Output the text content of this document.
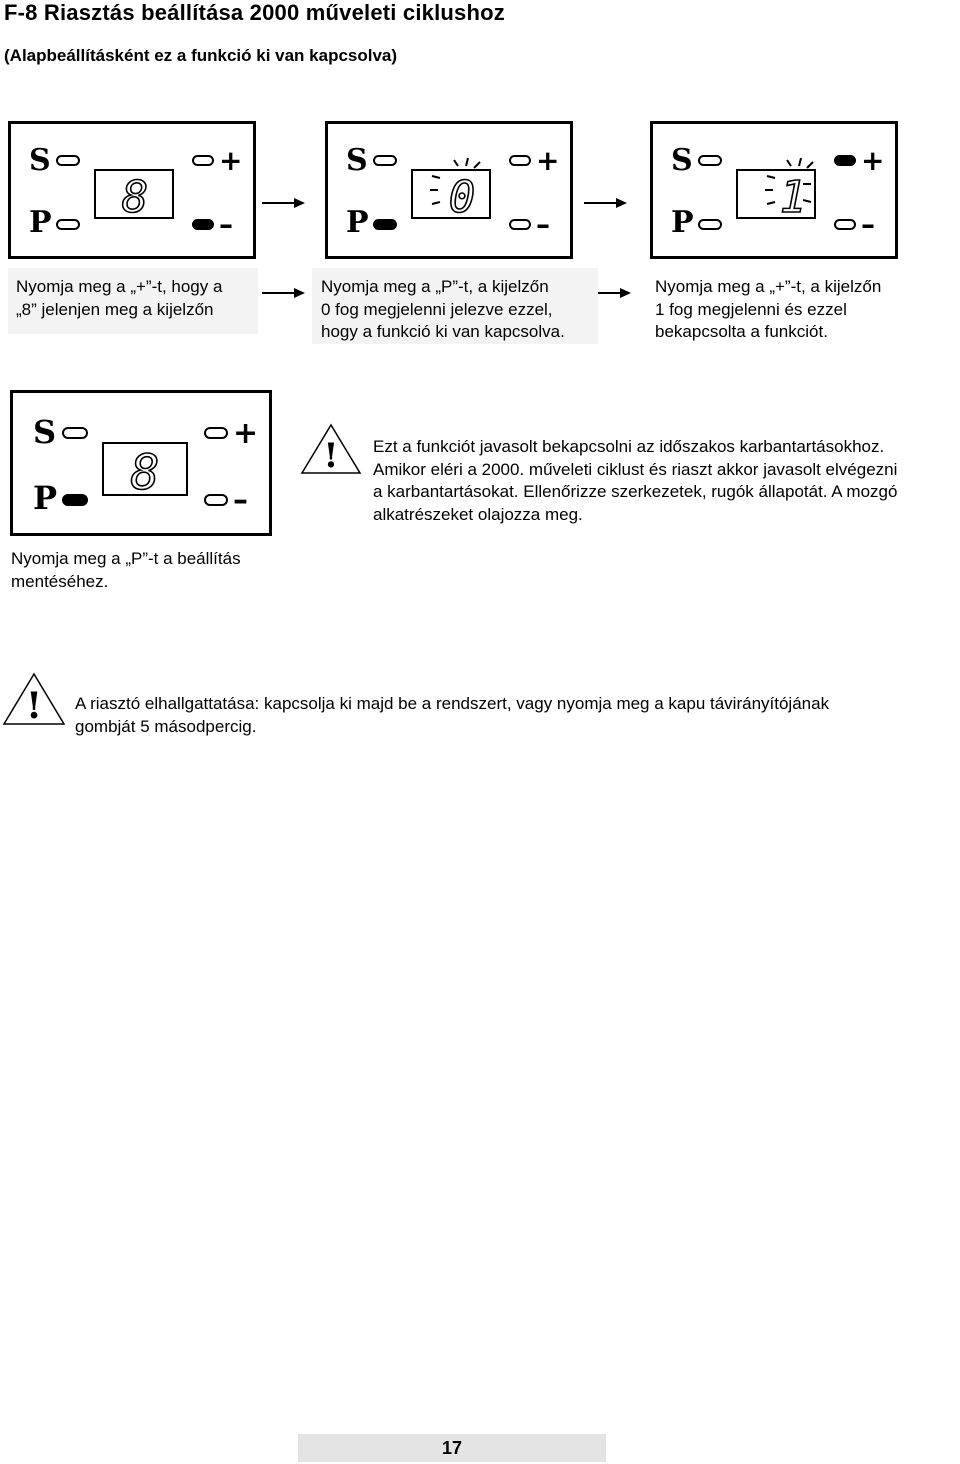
F-8 Riasztás beállítása 2000 műveleti ciklushoz
(Alapbeállításként ez a funkció ki van kapcsolva)
S
P
+
–
8
Nyomja meg a „+”-t, hogy a
„8” jelenjen meg a kijelzőn
S
P
+
–
0
Nyomja meg a „P”-t, a kijelzőn
0 fog megjelenni jelezve ezzel,
hogy a funkció ki van kapcsolva.
S
P
+
–
1
Nyomja meg a „+”-t, a kijelzőn
1 fog megjelenni és ezzel
bekapcsolta a funkciót.
S
P
+
–
8
Nyomja meg a „P”-t a beállítás
mentéséhez.
! Ezt a funkciót javasolt bekapcsolni az időszakos karbantartásokhoz.
Amikor eléri a 2000. műveleti ciklust és riaszt akkor javasolt elvégezni
a karbantartásokat. Ellenőrizze szerkezetek, rugók állapotát. A mozgó
alkatrészeket olajozza meg.
! A riasztó elhallgattatása: kapcsolja ki majd be a rendszert, vagy nyomja meg a kapu távirányítójának
gombját 5 másodpercig.
17
